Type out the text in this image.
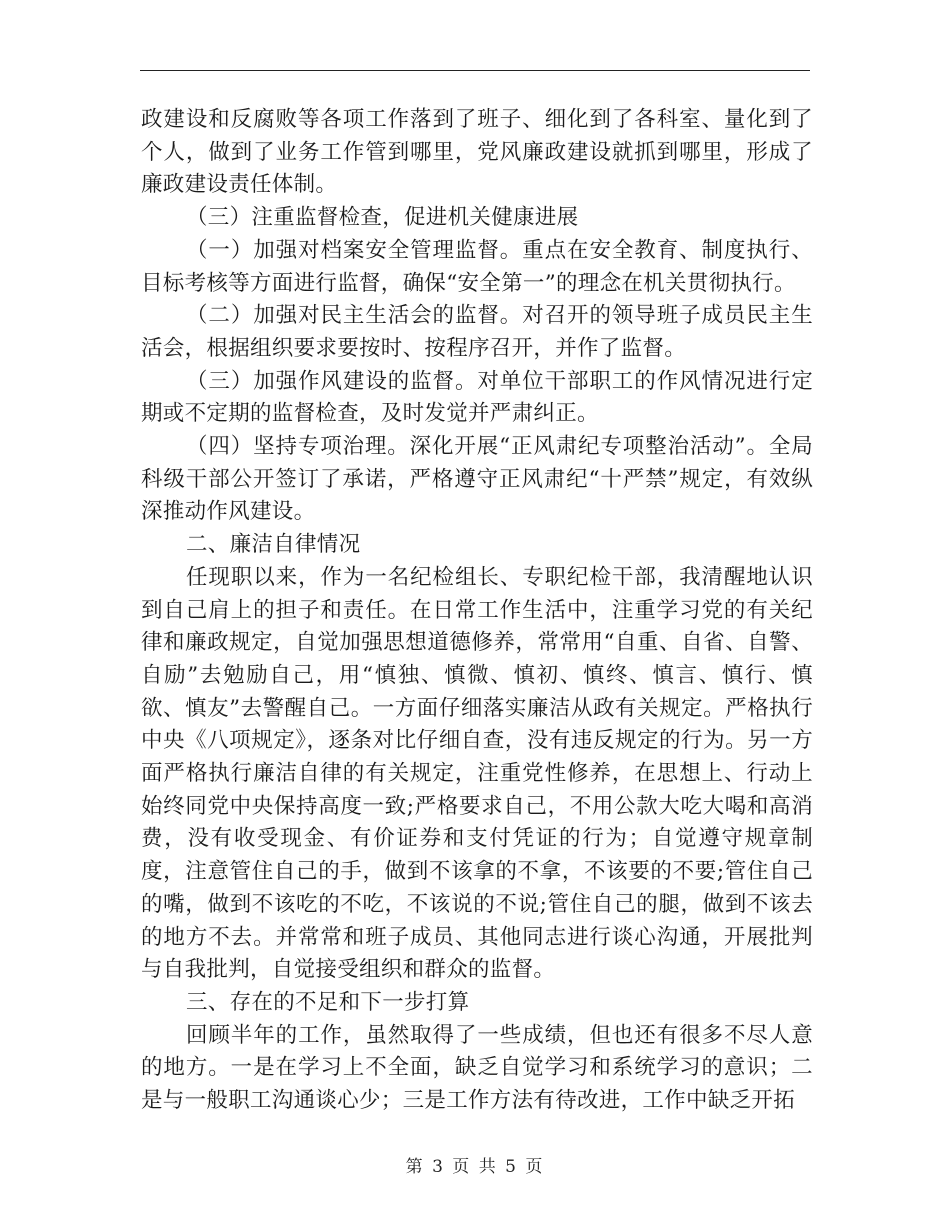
政建设和反腐败等各项工作落到了班子、细化到了各科室、量化到了个人，做到了业务工作管到哪里，党风廉政建设就抓到哪里，形成了廉政建设责任体制。

（三）注重监督检查，促进机关健康进展

（一）加强对档案安全管理监督。重点在安全教育、制度执行、目标考核等方面进行监督，确保“安全第一”的理念在机关贯彻执行。

（二）加强对民主生活会的监督。对召开的领导班子成员民主生活会，根据组织要求要按时、按程序召开，并作了监督。

（三）加强作风建设的监督。对单位干部职工的作风情况进行定期或不定期的监督检查，及时发觉并严肃纠正。

（四）坚持专项治理。深化开展“正风肃纪专项整治活动”。全局科级干部公开签订了承诺，严格遵守正风肃纪“十严禁”规定，有效纵深推动作风建设。

二、廉洁自律情况

任现职以来，作为一名纪检组长、专职纪检干部，我清醒地认识到自己肩上的担子和责任。在日常工作生活中，注重学习党的有关纪律和廉政规定，自觉加强思想道德修养，常常用“自重、自省、自警、自励”去勉励自己，用“慎独、慎微、慎初、慎终、慎言、慎行、慎欲、慎友”去警醒自己。一方面仔细落实廉洁从政有关规定。严格执行中央《八项规定》，逐条对比仔细自查，没有违反规定的行为。另一方面严格执行廉洁自律的有关规定，注重党性修养，在思想上、行动上始终同党中央保持高度一致;严格要求自己，不用公款大吃大喝和高消费，没有收受现金、有价证券和支付凭证的行为；自觉遵守规章制度，注意管住自己的手，做到不该拿的不拿，不该要的不要;管住自己的嘴，做到不该吃的不吃，不该说的不说;管住自己的腿，做到不该去的地方不去。并常常和班子成员、其他同志进行谈心沟通，开展批判与自我批判，自觉接受组织和群众的监督。

三、存在的不足和下一步打算

回顾半年的工作，虽然取得了一些成绩，但也还有很多不尽人意的地方。一是在学习上不全面，缺乏自觉学习和系统学习的意识；二是与一般职工沟通谈心少；三是工作方法有待改进，工作中缺乏开拓

第 3 页 共 5 页
